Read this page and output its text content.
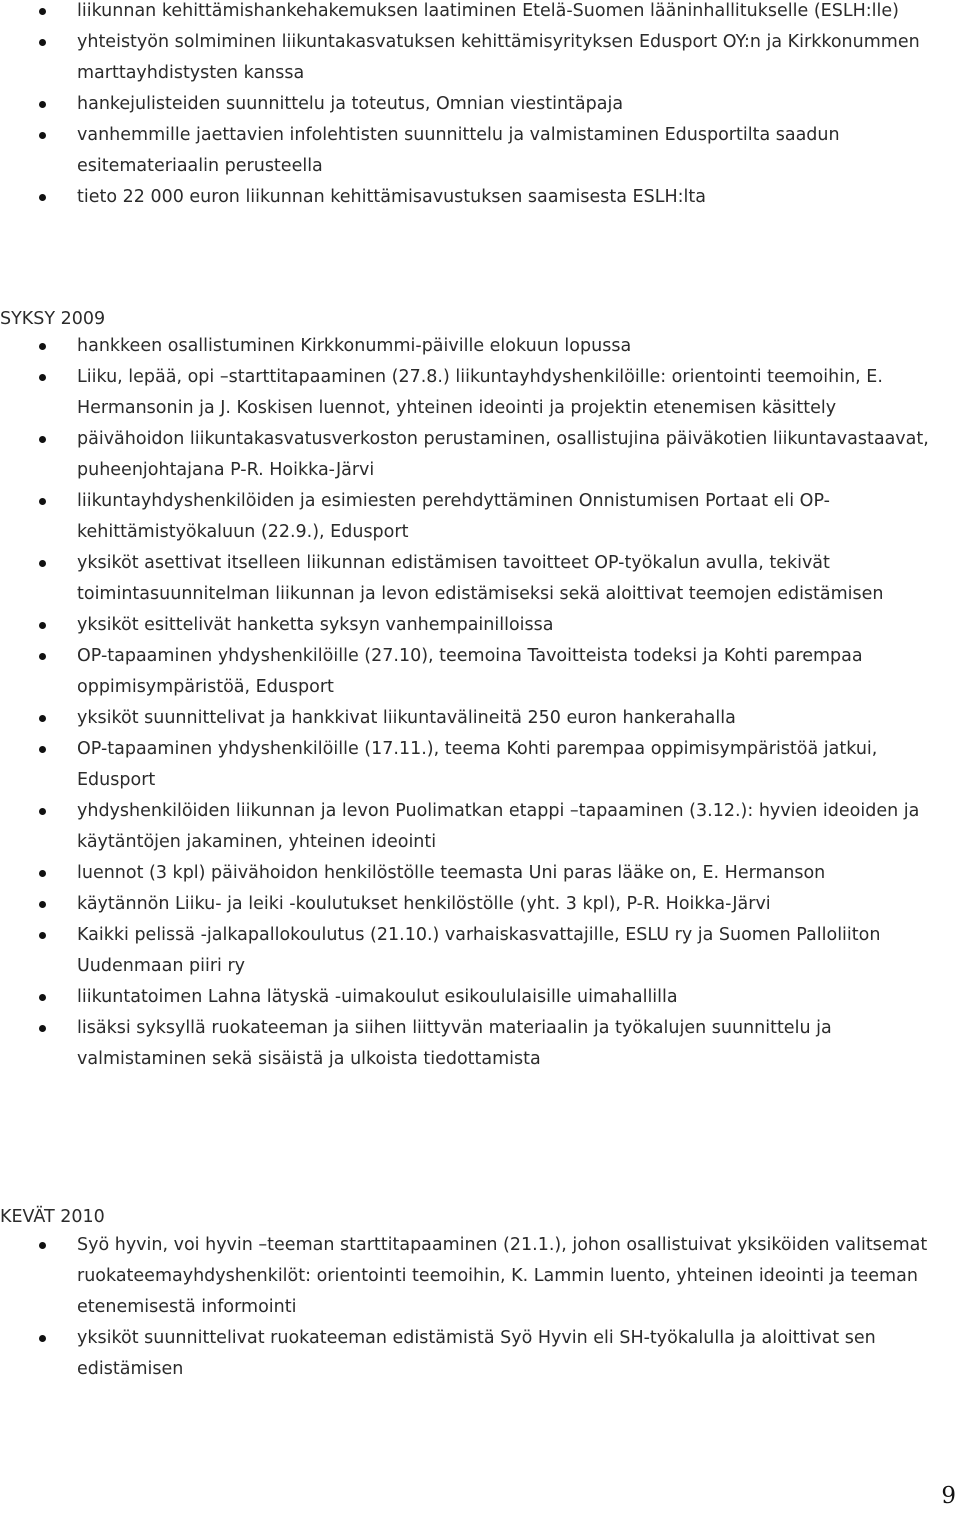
liikunnan kehittämishankehakemuksen laatiminen Etelä-Suomen lääninhallitukselle (ESLH:lle)
yhteistyön solmiminen liikuntakasvatuksen kehittämisyrityksen Edusport OY:n ja Kirkkonummen marttayhdistysten kanssa
hankejulisteiden suunnittelu ja toteutus, Omnian viestintäpaja
vanhemmille jaettavien infolehtisten suunnittelu ja valmistaminen Edusportilta saadun esitemateriaalin perusteella
tieto 22 000 euron liikunnan kehittämisavustuksen saamisesta ESLH:lta
SYKSY 2009
hankkeen osallistuminen Kirkkonummi-päiville elokuun lopussa
Liiku, lepää, opi –starttitapaaminen (27.8.) liikuntayhdyshenkilöille: orientointi teemoihin, E. Hermansonin ja J. Koskisen luennot, yhteinen ideointi ja projektin etenemisen käsittely
päivähoidon liikuntakasvatusverkoston perustaminen, osallistujina päiväkotien liikuntavastaavat, puheenjohtajana P-R. Hoikka-Järvi
liikuntayhdyshenkilöiden ja esimiesten perehdyttäminen Onnistumisen Portaat eli OP-kehittämistyökaluun (22.9.), Edusport
yksiköt asettivat itselleen liikunnan edistämisen tavoitteet OP-työkalun avulla, tekivät toimintasuunnitelman liikunnan ja levon edistämiseksi sekä aloittivat teemojen edistämisen
yksiköt esittelivät hanketta syksyn vanhempainilloissa
OP-tapaaminen yhdyshenkilöille (27.10), teemoina Tavoitteista todeksi ja Kohti parempaa oppimisympäristöä, Edusport
yksiköt suunnittelivat ja hankkivat liikuntavälineitä 250 euron hankerahalla
OP-tapaaminen yhdyshenkilöille (17.11.), teema Kohti parempaa oppimisympäristöä jatkui, Edusport
yhdyshenkilöiden liikunnan ja levon Puolimatkan etappi –tapaaminen (3.12.): hyvien ideoiden ja käytäntöjen jakaminen, yhteinen ideointi
luennot (3 kpl) päivähoidon henkilöstölle teemasta Uni paras lääke on, E. Hermanson
käytännön Liiku- ja leiki -koulutukset henkilöstölle (yht. 3 kpl), P-R. Hoikka-Järvi
Kaikki pelissä -jalkapallokoulutus (21.10.) varhaiskasvattajille, ESLU ry ja Suomen Palloliiton Uudenmaan piiri ry
liikuntatoimen Lahna lätyskä -uimakoulut esikoululaisille uimahallilla
lisäksi syksyllä ruokateeman ja siihen liittyvän materiaalin ja työkalujen suunnittelu ja valmistaminen sekä sisäistä ja ulkoista tiedottamista
KEVÄT 2010
Syö hyvin, voi hyvin –teeman starttitapaaminen (21.1.), johon osallistuivat yksiköiden valitsemat ruokateemayhdyshenkilöt: orientointi teemoihin, K. Lammin luento, yhteinen ideointi ja teeman etenemisestä informointi
yksiköt suunnittelivat ruokateeman edistämistä Syö Hyvin eli SH-työkalulla ja aloittivat sen edistämisen
9
